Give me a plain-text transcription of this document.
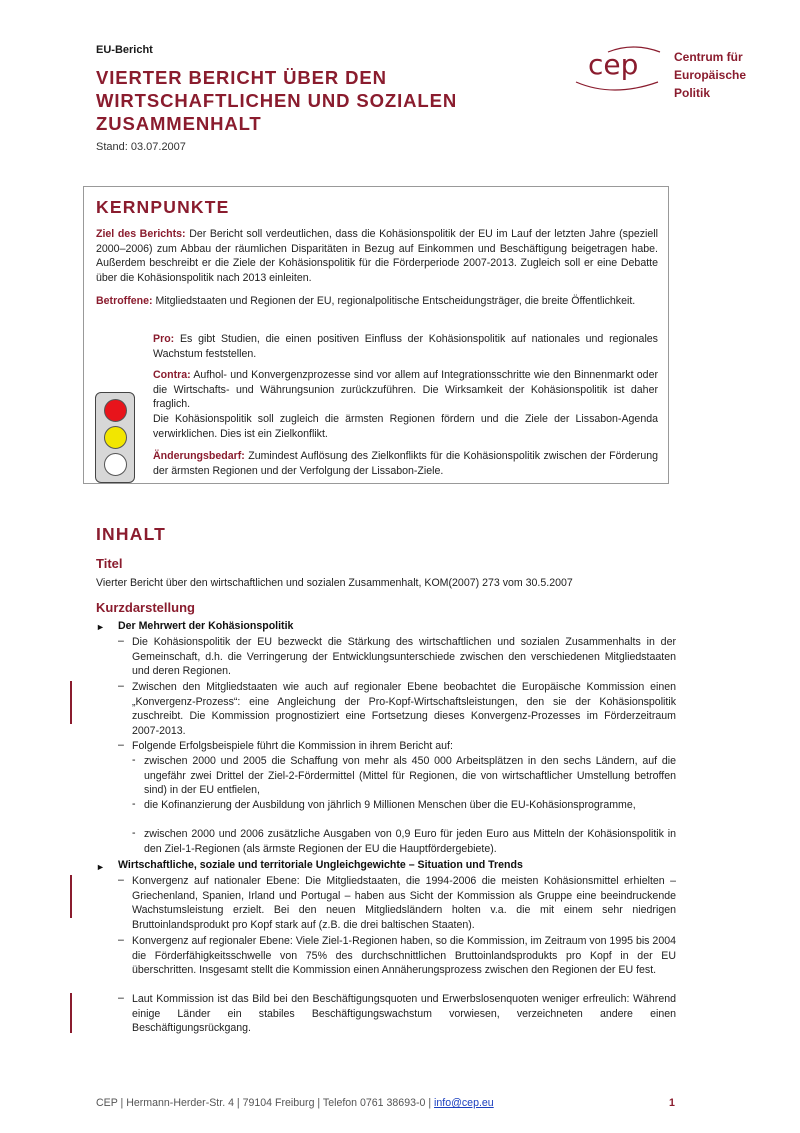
EU-Bericht
VIERTER BERICHT ÜBER DEN WIRTSCHAFTLICHEN UND SOZIALEN ZUSAMMENHALT
Stand: 03.07.2007
cep	Centrum für
Europäische
Politik
KERNPUNKTE
Ziel des Berichts: Der Bericht soll verdeutlichen, dass die Kohäsionspolitik der EU im Lauf der letzten Jahre (speziell 2000–2006) zum Abbau der räumlichen Disparitäten in Bezug auf Einkommen und Beschäftigung beigetragen habe. Außerdem beschreibt er die Ziele der Kohäsionspolitik für die Förderperiode 2007-2013. Zugleich soll er eine Debatte über die Kohäsionspolitik nach 2013 einleiten.
Betroffene: Mitgliedstaaten und Regionen der EU, regionalpolitische Entscheidungsträger, die breite Öffentlichkeit.
Pro: Es gibt Studien, die einen positiven Einfluss der Kohäsionspolitik auf nationales und regionales Wachstum feststellen.
Contra: Aufhol- und Konvergenzprozesse sind vor allem auf Integrationsschritte wie den Binnenmarkt oder die Wirtschafts- und Währungsunion zurückzuführen. Die Wirksamkeit der Kohäsionspolitik ist daher fraglich.
Die Kohäsionspolitik soll zugleich die ärmsten Regionen fördern und die Ziele der Lissabon-Agenda verwirklichen. Dies ist ein Zielkonflikt.
Änderungsbedarf: Zumindest Auflösung des Zielkonflikts für die Kohäsionspolitik zwischen der Förderung der ärmsten Regionen und der Verfolgung der Lissabon-Ziele.
INHALT
Titel
Vierter Bericht über den wirtschaftlichen und sozialen Zusammenhalt, KOM(2007) 273 vom 30.5.2007
Kurzdarstellung
► Der Mehrwert der Kohäsionspolitik
– Die Kohäsionspolitik der EU bezweckt die Stärkung des wirtschaftlichen und sozialen Zusammenhalts in der Gemeinschaft, d.h. die Verringerung der Entwicklungsunterschiede zwischen den verschiedenen Mitgliedstaaten und deren Regionen.
– Zwischen den Mitgliedstaaten wie auch auf regionaler Ebene beobachtet die Europäische Kommission einen „Konvergenz-Prozess“: eine Angleichung der Pro-Kopf-Wirtschaftsleistungen, den sie der Kohäsionspolitik zuschreibt. Die Kommission prognostiziert eine Fortsetzung dieses Konvergenz-Prozesses im Förderzeitraum 2007-2013.
– Folgende Erfolgsbeispiele führt die Kommission in ihrem Bericht auf:
- zwischen 2000 und 2005 die Schaffung von mehr als 450 000 Arbeitsplätzen in den sechs Ländern, auf die ungefähr zwei Drittel der Ziel-2-Fördermittel (Mittel für Regionen, die von wirtschaftlicher Umstellung betroffen sind) in der EU entfielen,
- die Kofinanzierung der Ausbildung von jährlich 9 Millionen Menschen über die EU-Kohäsionsprogramme,
- zwischen 2000 und 2006 zusätzliche Ausgaben von 0,9 Euro für jeden Euro aus Mitteln der Kohäsionspolitik in den Ziel-1-Regionen (als ärmste Regionen der EU die Hauptfördergebiete).
► Wirtschaftliche, soziale und territoriale Ungleichgewichte – Situation und Trends
– Konvergenz auf nationaler Ebene: Die Mitgliedstaaten, die 1994-2006 die meisten Kohäsionsmittel erhielten – Griechenland, Spanien, Irland und Portugal – haben aus Sicht der Kommission als Gruppe eine beeindruckende Wachstumsleistung erzielt. Bei den neuen Mitgliedsländern holten v.a. die mit einem sehr niedrigen Bruttoinlandsprodukt pro Kopf stark auf (z.B. die drei baltischen Staaten).
– Konvergenz auf regionaler Ebene: Viele Ziel-1-Regionen haben, so die Kommission, im Zeitraum von 1995 bis 2004 die Förderfähigkeitsschwelle von 75% des durchschnittlichen Bruttoinlandsprodukts pro Kopf in der EU überschritten. Insgesamt stellt die Kommission einen Annäherungsprozess zwischen den Regionen der EU fest.
– Laut Kommission ist das Bild bei den Beschäftigungsquoten und Erwerbslosenquoten weniger erfreulich: Während einige Länder ein stabiles Beschäftigungswachstum vorwiesen, verzeichneten andere einen Beschäftigungsrückgang.
CEP | Hermann-Herder-Str. 4 | 79104 Freiburg | Telefon 0761 38693-0 | info@cep.eu	1
